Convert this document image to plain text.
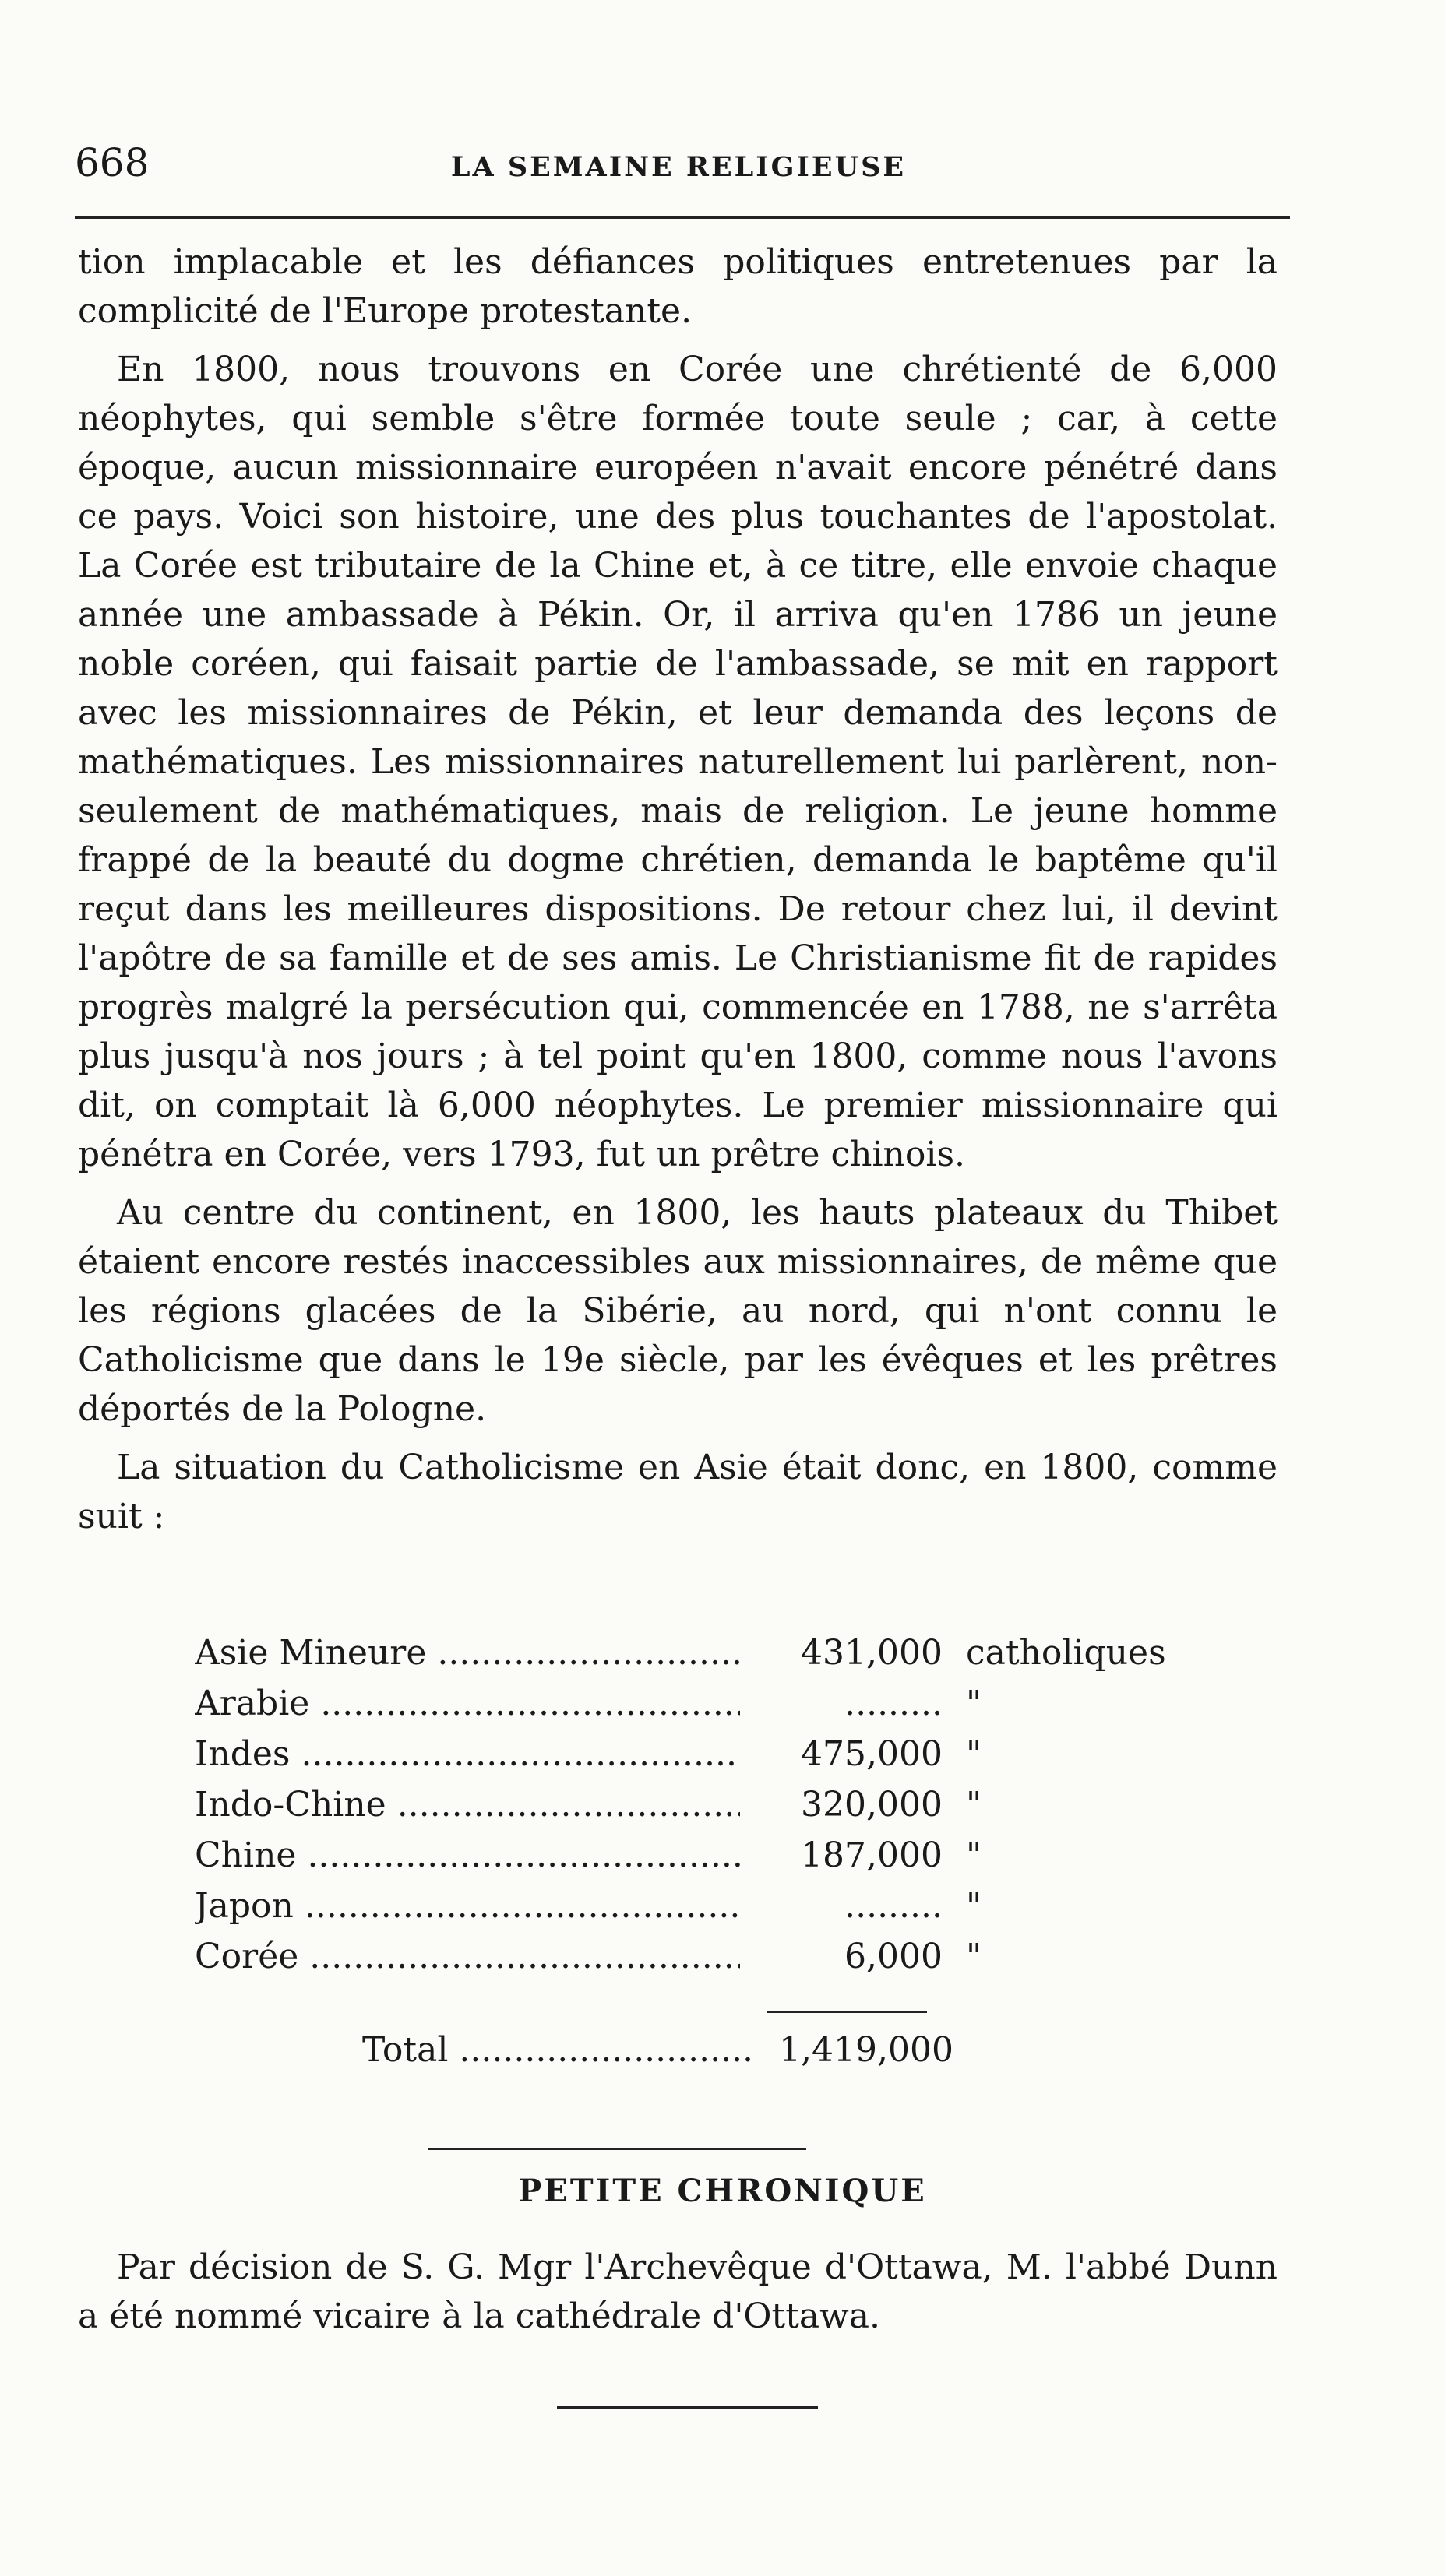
668	LA SEMAINE RELIGIEUSE

tion implacable et les défiances politiques entretenues par la complicité de l'Europe protestante.

En 1800, nous trouvons en Corée une chrétienté de 6,000 néophytes, qui semble s'être formée toute seule ; car, à cette époque, aucun missionnaire européen n'avait encore pénétré dans ce pays. Voici son histoire, une des plus touchantes de l'apostolat. La Corée est tributaire de la Chine et, à ce titre, elle envoie chaque année une ambassade à Pékin. Or, il arriva qu'en 1786 un jeune noble coréen, qui faisait partie de l'ambassade, se mit en rapport avec les missionnaires de Pékin, et leur demanda des leçons de mathématiques. Les missionnaires naturellement lui parlèrent, non-seulement de mathématiques, mais de religion. Le jeune homme frappé de la beauté du dogme chrétien, demanda le baptême qu'il reçut dans les meilleures dispositions. De retour chez lui, il devint l'apôtre de sa famille et de ses amis. Le Christianisme fit de rapides progrès malgré la persécution qui, commencée en 1788, ne s'arrêta plus jusqu'à nos jours ; à tel point qu'en 1800, comme nous l'avons dit, on comptait là 6,000 néophytes. Le premier missionnaire qui pénétra en Corée, vers 1793, fut un prêtre chinois.

Au centre du continent, en 1800, les hauts plateaux du Thibet étaient encore restés inaccessibles aux missionnaires, de même que les régions glacées de la Sibérie, au nord, qui n'ont connu le Catholicisme que dans le 19e siècle, par les évêques et les prêtres déportés de la Pologne.

La situation du Catholicisme en Asie était donc, en 1800, comme suit :

Asie Mineure .....	431,000 catholiques
Arabie .....	......... "
Indes .....	475,000 "
Indo-Chine .....	320,000 "
Chine .....	187,000 "
Japon .....	......... "
Corée .....	6,000 "
Total .....	1,419,000
PETITE CHRONIQUE
Par décision de S. G. Mgr l'Archevêque d'Ottawa, M. l'abbé Dunn a été nommé vicaire à la cathédrale d'Ottawa.
